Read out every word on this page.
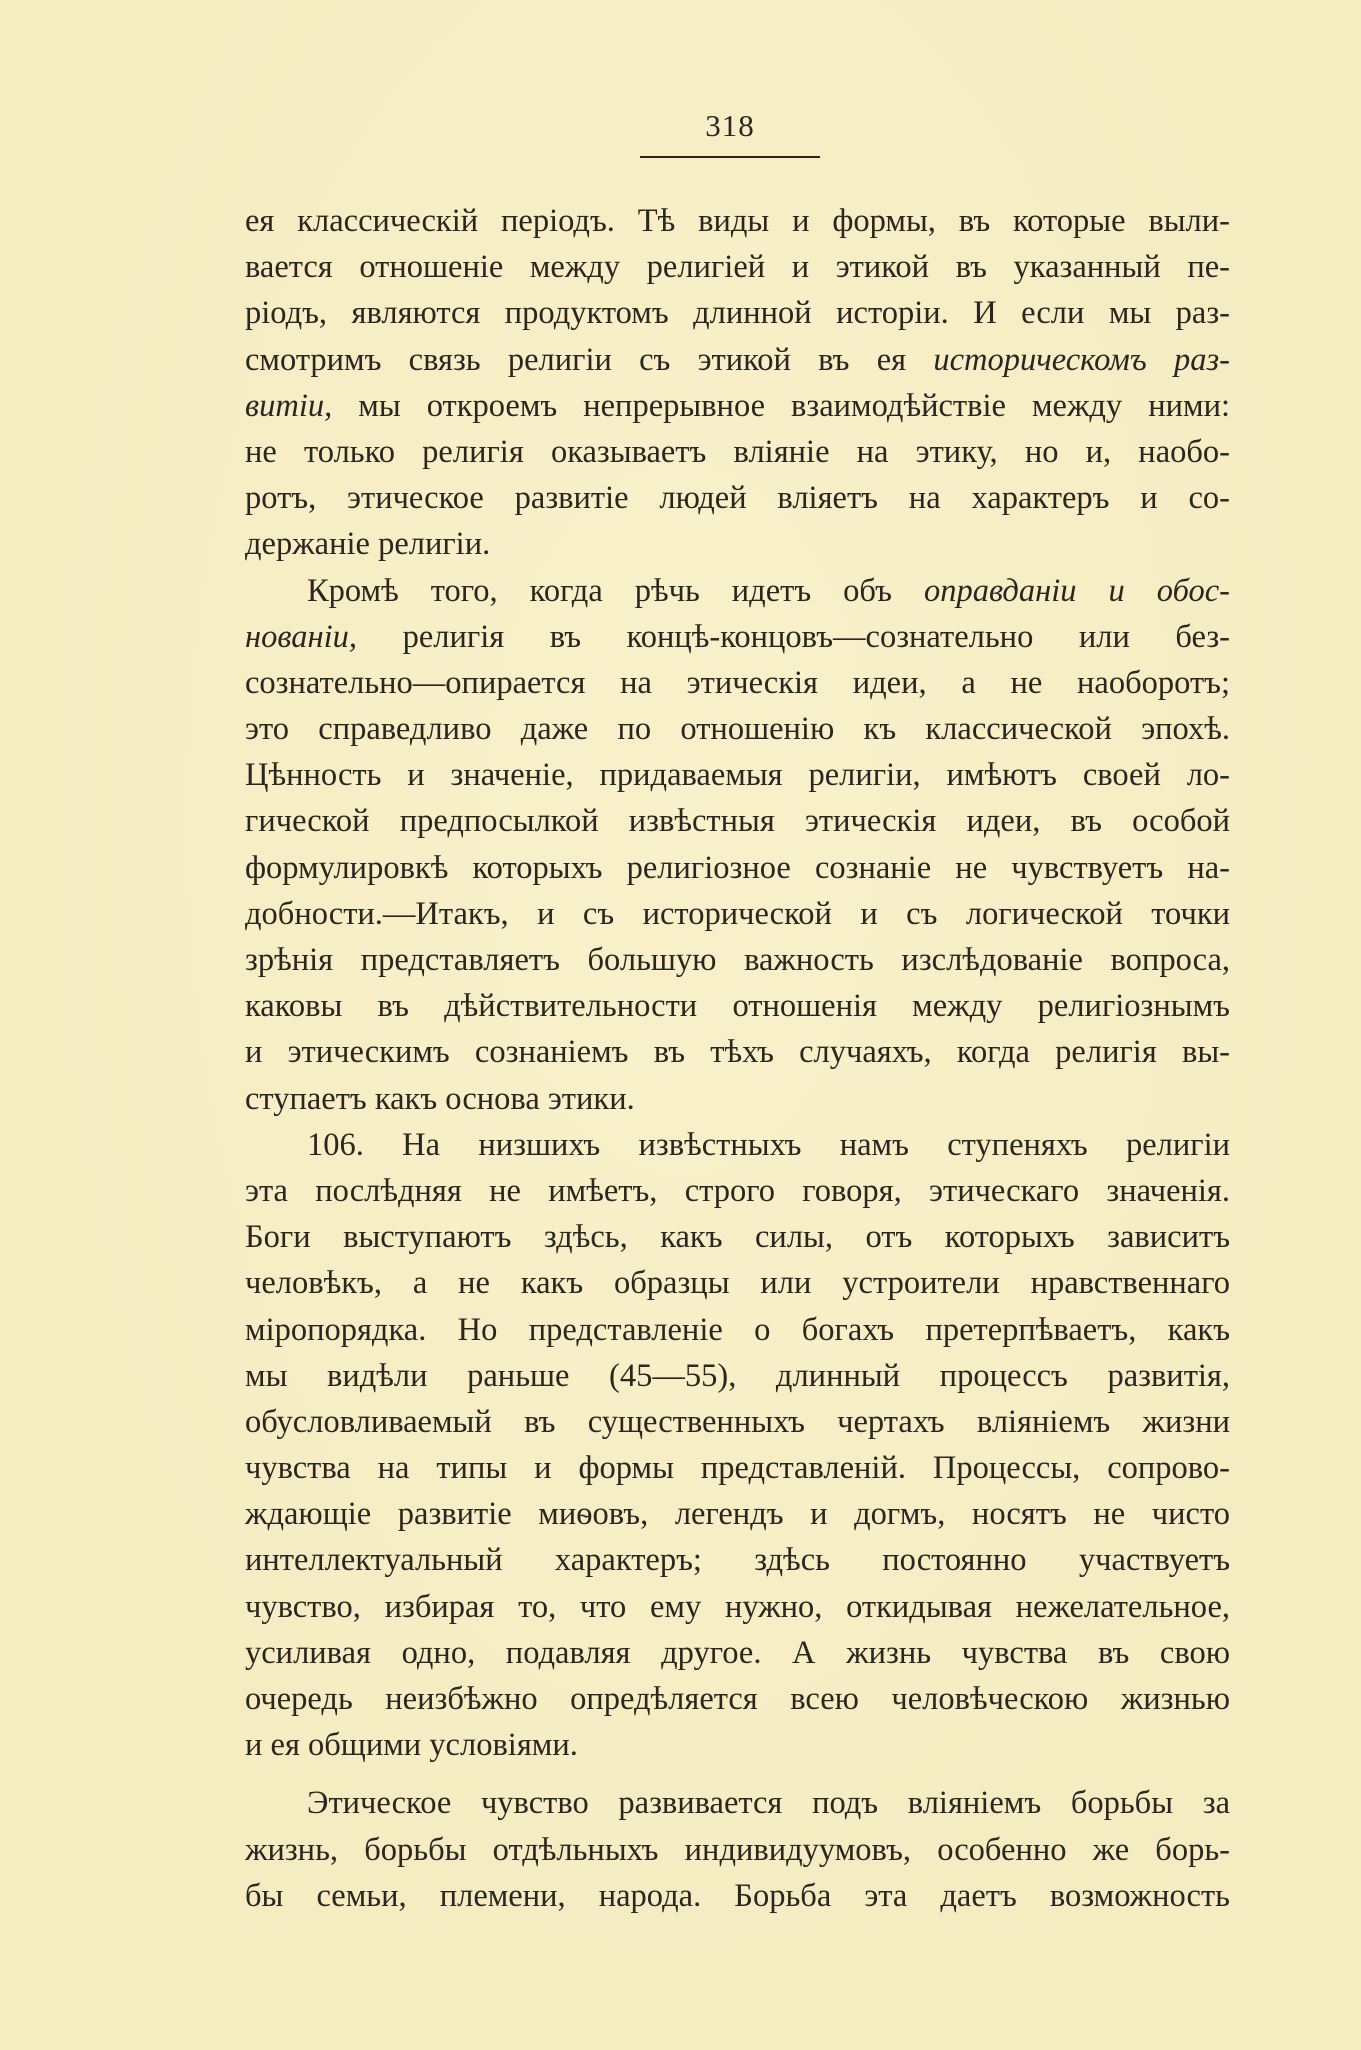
318
ея классическій періодъ. Тѣ виды и формы, въ которые выли-
вается отношеніе между религіей и этикой въ указанный пе-
ріодъ, являются продуктомъ длинной исторіи. И если мы раз-
смотримъ связь религіи съ этикой въ ея историческомъ раз-
витіи, мы откроемъ непрерывное взаимодѣйствіе между ними:
не только религія оказываетъ вліяніе на этику, но и, наобо-
ротъ, этическое развитіе людей вліяетъ на характеръ и со-
держаніе религіи.
Кромѣ того, когда рѣчь идетъ объ оправданіи и обос-
нованіи, религія въ концѣ-концовъ—сознательно или без-
сознательно—опирается на этическія идеи, а не наоборотъ;
это справедливо даже по отношенію къ классической эпохѣ.
Цѣнность и значеніе, придаваемыя религіи, имѣютъ своей ло-
гической предпосылкой извѣстныя этическія идеи, въ особой
формулировкѣ которыхъ религіозное сознаніе не чувствуетъ на-
добности.—Итакъ, и съ исторической и съ логической точки
зрѣнія представляетъ большую важность изслѣдованіе вопроса,
каковы въ дѣйствительности отношенія между религіознымъ
и этическимъ сознаніемъ въ тѣхъ случаяхъ, когда религія вы-
ступаетъ какъ основа этики.
106. На низшихъ извѣстныхъ намъ ступеняхъ религіи
эта послѣдняя не имѣетъ, строго говоря, этическаго значенія.
Боги выступаютъ здѣсь, какъ силы, отъ которыхъ зависитъ
человѣкъ, а не какъ образцы или устроители нравственнаго
міропорядка. Но представленіе о богахъ претерпѣваетъ, какъ
мы видѣли раньше (45—55), длинный процессъ развитія,
обусловливаемый въ существенныхъ чертахъ вліяніемъ жизни
чувства на типы и формы представленій. Процессы, сопрово-
ждающіе развитіе миѳовъ, легендъ и догмъ, носятъ не чисто
интеллектуальный характеръ; здѣсь постоянно участвуетъ
чувство, избирая то, что ему нужно, откидывая нежелательное,
усиливая одно, подавляя другое. А жизнь чувства въ свою
очередь неизбѣжно опредѣляется всею человѣческою жизнью
и ея общими условіями.
Этическое чувство развивается подъ вліяніемъ борьбы за
жизнь, борьбы отдѣльныхъ индивидуумовъ, особенно же борь-
бы семьи, племени, народа. Борьба эта даетъ возможность
